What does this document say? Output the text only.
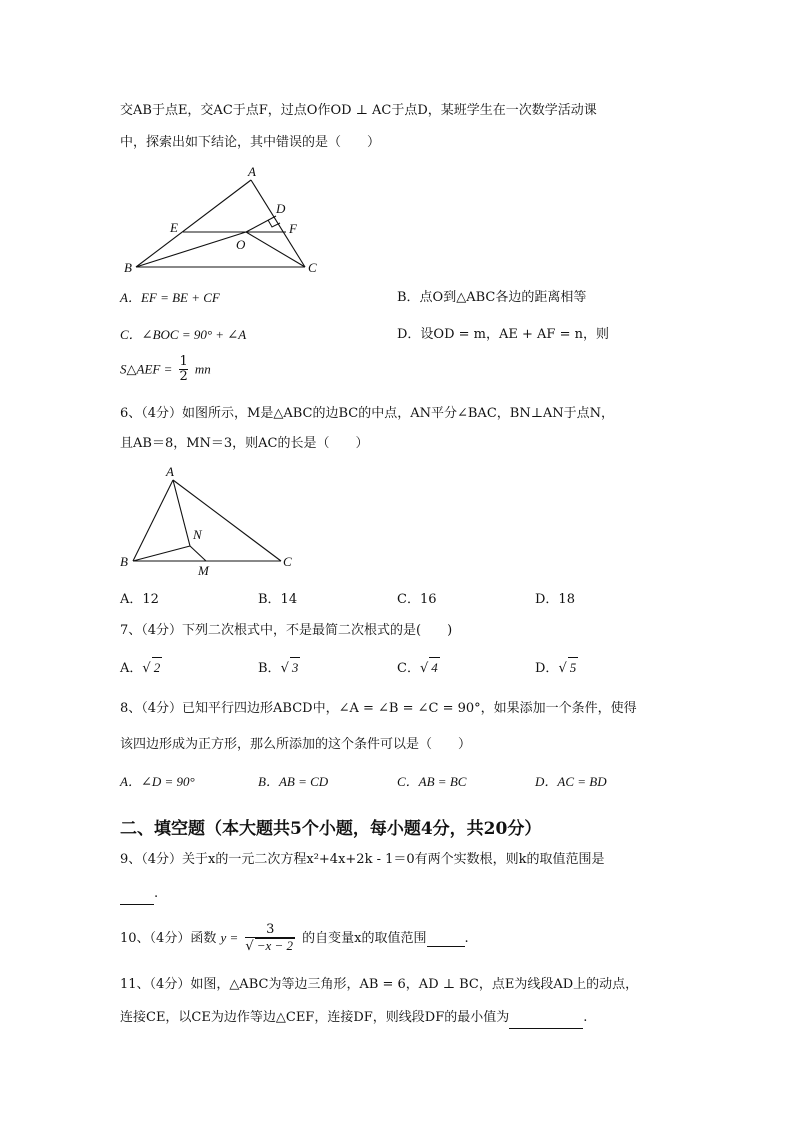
交AB于点E，交AC于点F，过点O作OD ⊥ AC于点D，某班学生在一次数学活动课
中，探索出如下结论，其中错误的是（　　）
A
B	C
D
E	F
O
A．EF = BE + CF	B．点O到△ABC各边的距离相等
C．∠BOC = 90° + ∠A	D．设OD = m，AE + AF = n，则
S△AEF = $\frac{1}{2}$ mn
6、（4分）如图所示，M是△ABC的边BC的中点，AN平分∠BAC，BN⊥AN于点N，
且AB＝8，MN＝3，则AC的长是（　　）
A
B	C
N
M
A．12	B．14	C．16	D．18
7、（4分）下列二次根式中，不是最简二次根式的是(　　)
A．√ 2	B．√ 3	C．√ 4	D．√ 5
8、（4分）已知平行四边形ABCD中，∠A = ∠B = ∠C = 90°，如果添加一个条件，使得
该四边形成为正方形，那么所添加的这个条件可以是（　　）
A．∠D = 90°	B．AB = CD	C．AB = BC	D．AC = BD
二、填空题（本大题共5个小题，每小题4分，共20分）
9、（4分）关于x的一元二次方程x²+4x+2k - 1＝0有两个实数根，则k的取值范围是
.
10、（4分）函数 $y = \frac{3}{√ -x - 2}$ 的自变量x的取值范围	.
11、（4分）如图，△ABC为等边三角形，AB = 6，AD ⊥ BC，点E为线段AD上的动点，
连接CE，以CE为边作等边△CEF，连接DF，则线段DF的最小值为	.
